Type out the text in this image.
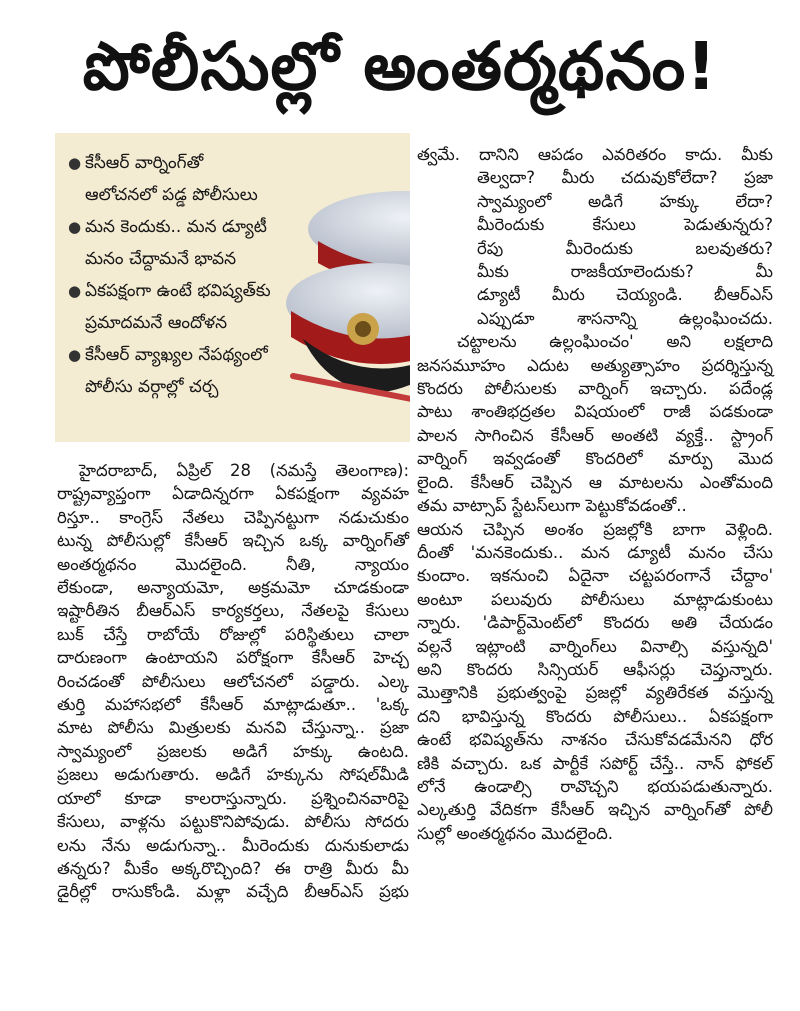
పోలీసుల్లో అంతర్మథనం!
● కేసీఆర్ వార్నింగ్‌తో

ఆలోచనలో పడ్డ పోలీసులు

● మన కెందుకు.. మన డ్యూటీ

మనం చేద్దామనే భావన

● ఏకపక్షంగా ఉంటే భవిష్యత్‌కు

ప్రమాదమనే ఆందోళన

● కేసీఆర్ వ్యాఖ్యల నేపథ్యంలో

పోలీసు వర్గాల్లో చర్చ

హైదరాబాద్, ఏప్రిల్ 28 (నమస్తే తెలంగాణ):

రాష్ట్రవ్యాప్తంగా ఏడాదిన్నరగా ఏకపక్షంగా వ్యవహ

రిస్తూ.. కాంగ్రెస్ నేతలు చెప్పినట్టుగా నడుచుకుం

టున్న పోలీసుల్లో కేసీఆర్ ఇచ్చిన ఒక్క వార్నింగ్‌తో

అంతర్మథనం మొదలైంది. నీతి, న్యాయం

లేకుండా, అన్యాయమో, అక్రమమో చూడకుండా

ఇష్టారీతిన బీఆర్‌ఎస్ కార్యకర్తలు, నేతలపై కేసులు

బుక్ చేస్తే రాబోయే రోజుల్లో పరిస్థితులు చాలా

దారుణంగా ఉంటాయని పరోక్షంగా కేసీఆర్ హెచ్చ

రించడంతో పోలీసులు ఆలోచనలో పడ్డారు. ఎల్క

తుర్తి మహాసభలో కేసీఆర్ మాట్లాడుతూ.. 'ఒక్క

మాట పోలీసు మిత్రులకు మనవి చేస్తున్నా.. ప్రజా

స్వామ్యంలో ప్రజలకు అడిగే హక్కు ఉంటది.

ప్రజలు అడుగుతారు. అడిగే హక్కును సోషల్‌మీడి

యాలో కూడా కాలరాస్తున్నారు. ప్రశ్నించినవారిపై

కేసులు, వాళ్లను పట్టుకొనిపోవుడు. పోలీసు సోదరు

లను నేను అడుగున్నా.. మీరెందుకు దునుకులాడు

తన్నరు? మీకేం అక్కరొచ్చింది? ఈ రాత్రి మీరు మీ

డైరీల్లో రాసుకోండి. మళ్లా వచ్చేది బీఆర్‌ఎస్ ప్రభు

త్వమే. దానిని ఆపడం ఎవరితరం కాదు. మీకు

తెల్వదా? మీరు చదువుకోలేదా? ప్రజా

స్వామ్యంలో అడిగే హక్కు లేదా?

మీరెందుకు కేసులు పెడుతున్నరు?

రేపు మీరెందుకు బలవుతరు?

మీకు రాజకీయాలెందుకు? మీ

డ్యూటీ మీరు చెయ్యండి. బీఆర్‌ఎస్

ఎప్పుడూ శాసనాన్ని ఉల్లంఘించదు.

చట్టాలను ఉల్లంఘించం' అని లక్షలాది

జనసమూహం ఎదుట అత్యుత్సాహం ప్రదర్శిస్తున్న

కొందరు పోలీసులకు వార్నింగ్ ఇచ్చారు. పదేండ్ల

పాటు శాంతిభద్రతల విషయంలో రాజీ పడకుండా

పాలన సాగించిన కేసీఆర్ అంతటి వ్యక్తే.. స్ట్రాంగ్

వార్నింగ్ ఇవ్వడంతో కొందరిలో మార్పు మొద

లైంది. కేసీఆర్ చెప్పిన ఆ మాటలను ఎంతోమంది

తమ వాట్సాప్ స్టేటస్‌లుగా పెట్టుకోవడంతో..

ఆయన చెప్పిన అంశం ప్రజల్లోకి బాగా వెళ్లింది.

దీంతో 'మనకెందుకు.. మన డ్యూటీ మనం చేసు

కుందాం. ఇకనుంచి ఏదైనా చట్టపరంగానే చేద్దాం'

అంటూ పలువురు పోలీసులు మాట్లాడుకుంటు

న్నారు. 'డిపార్ట్‌మెంట్‌లో కొందరు అతి చేయడం

వల్లనే ఇట్లాంటి వార్నింగ్‌లు వినాల్సి వస్తున్నది'

అని కొందరు సిన్సియర్ ఆఫీసర్లు చెప్తున్నారు.

మొత్తానికి ప్రభుత్వంపై ప్రజల్లో వ్యతిరేకత వస్తున్న

దని భావిస్తున్న కొందరు పోలీసులు.. ఏకపక్షంగా

ఉంటే భవిష్యత్‌ను నాశనం చేసుకోవడమేనని ధోర

ణికి వచ్చారు. ఒక పార్టీకే సపోర్ట్ చేస్తే.. నాన్ ఫోకల్

లోనే ఉండాల్సి రావొచ్చని భయపడుతున్నారు.

ఎల్కతుర్తి వేదికగా కేసీఆర్ ఇచ్చిన వార్నింగ్‌తో పోలీ

సుల్లో అంతర్మథనం మొదలైంది.
